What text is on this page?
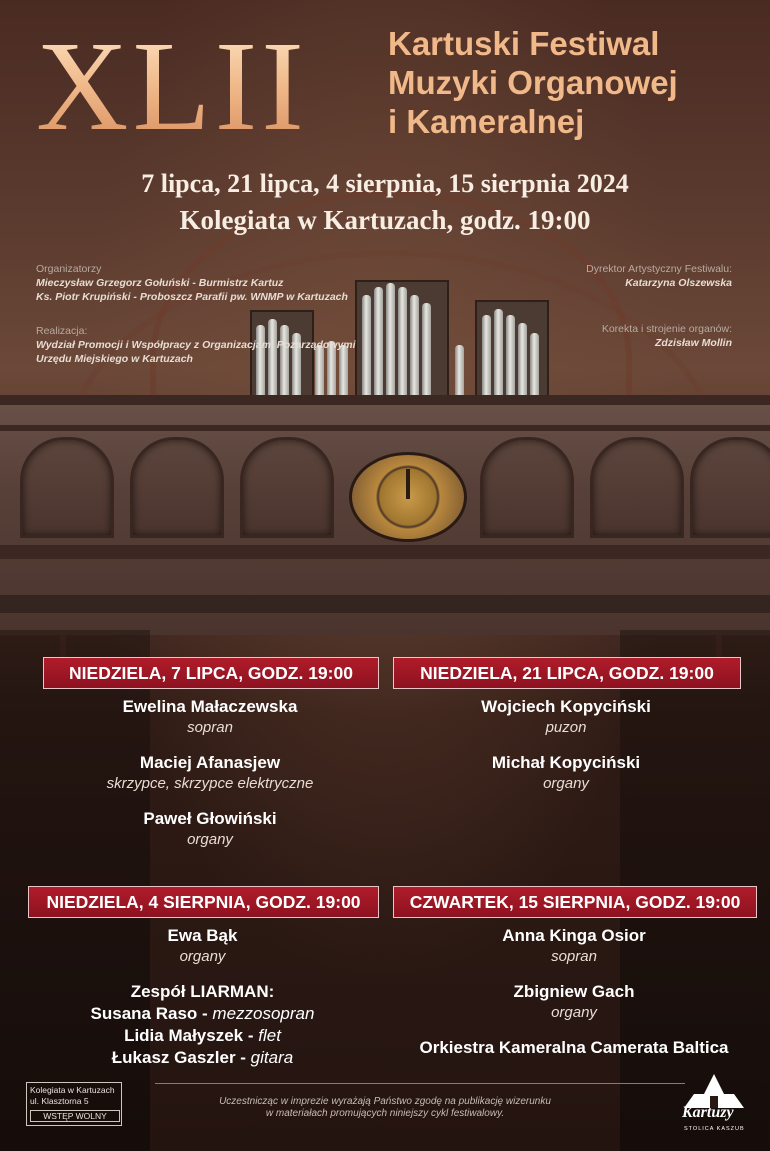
XLII Kartuski Festiwal
Muzyki Organowej
i Kameralnej
7 lipca, 21 lipca, 4 sierpnia, 15 sierpnia 2024
Kolegiata w Kartuzach, godz. 19:00
Organizatorzy
Mieczysław Grzegorz Gołuński - Burmistrz Kartuz
Ks. Piotr Krupiński - Proboszcz Parafii pw. WNMP w Kartuzach
Realizacja:
Wydział Promocji i Współpracy z Organizacjami Pozarządowymi
Urzędu Miejskiego w Kartuzach
Dyrektor Artystyczny Festiwalu:
Katarzyna Olszewska
Korekta i strojenie organów:
Zdzisław Mollin
NIEDZIELA, 7 LIPCA, GODZ. 19:00
Ewelina Małaczewska
sopran
Maciej Afanasjew
skrzypce, skrzypce elektryczne
Paweł Głowiński
organy
NIEDZIELA, 21 LIPCA, GODZ. 19:00
Wojciech Kopyciński
puzon
Michał Kopyciński
organy
NIEDZIELA, 4 SIERPNIA, GODZ. 19:00
Ewa Bąk
organy
Zespół LIARMAN:
Susana Raso - mezzosopran
Lidia Małyszek - flet
Łukasz Gaszler - gitara
CZWARTEK, 15 SIERPNIA, GODZ. 19:00
Anna Kinga Osior
sopran
Zbigniew Gach
organy
Orkiestra Kameralna Camerata Baltica
Kolegiata w Kartuzach
ul. Klasztorna 5
WSTĘP WOLNY
Uczestnicząc w imprezie wyrażają Państwo zgodę na publikację wizerunku
w materiałach promujących niniejszy cykl festiwalowy.	Kartuzy
STOLICA KASZUB
